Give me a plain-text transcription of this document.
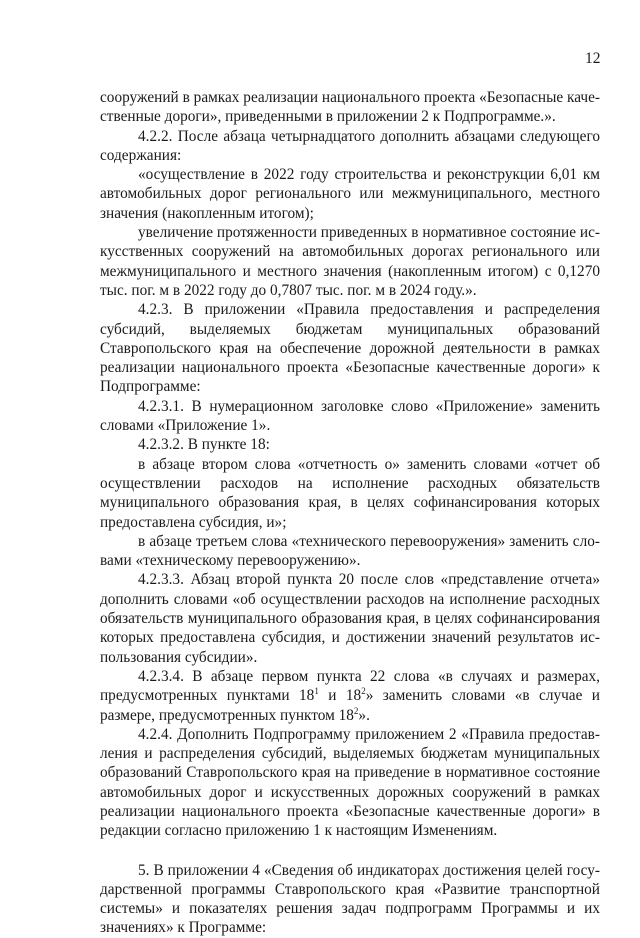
12

сооружений в рамках реализации национального проекта «Безопасные качественные дороги», приведенными в приложении 2 к Подпрограмме.».

4.2.2. После абзаца четырнадцатого дополнить абзацами следующего содержания:

«осуществление в 2022 году строительства и реконструкции 6,01 км автомобильных дорог регионального или межмуниципального, местного значения (накопленным итогом);

увеличение протяженности приведенных в нормативное состояние искусственных сооружений на автомобильных дорогах регионального или межмуниципального и местного значения (накопленным итогом) с 0,1270 тыс. пог. м в 2022 году до 0,7807 тыс. пог. м в 2024 году.».

4.2.3. В приложении «Правила предоставления и распределения субсидий, выделяемых бюджетам муниципальных образований Ставропольского края на обеспечение дорожной деятельности в рамках реализации национального проекта «Безопасные качественные дороги» к Подпрограмме:

4.2.3.1. В нумерационном заголовке слово «Приложение» заменить словами «Приложение 1».

4.2.3.2. В пункте 18:

в абзаце втором слова «отчетность о» заменить словами «отчет об осуществлении расходов на исполнение расходных обязательств муниципального образования края, в целях софинансирования которых предоставлена субсидия, и»;

в абзаце третьем слова «технического перевооружения» заменить словами «техническому перевооружению».

4.2.3.3. Абзац второй пункта 20 после слов «представление отчета» дополнить словами «об осуществлении расходов на исполнение расходных обязательств муниципального образования края, в целях софинансирования которых предоставлена субсидия, и достижении значений результатов использования субсидии».

4.2.3.4. В абзаце первом пункта 22 слова «в случаях и размерах, предусмотренных пунктами $18^1$ и $18^2$» заменить словами «в случае и размере, предусмотренных пунктом $18^2$».

4.2.4. Дополнить Подпрограмму приложением 2 «Правила предоставления и распределения субсидий, выделяемых бюджетам муниципальных образований Ставропольского края на приведение в нормативное состояние автомобильных дорог и искусственных дорожных сооружений в рамках реализации национального проекта «Безопасные качественные дороги» в редакции согласно приложению 1 к настоящим Изменениям.

5. В приложении 4 «Сведения об индикаторах достижения целей государственной программы Ставропольского края «Развитие транспортной системы» и показателях решения задач подпрограмм Программы и их значениях» к Программе:
